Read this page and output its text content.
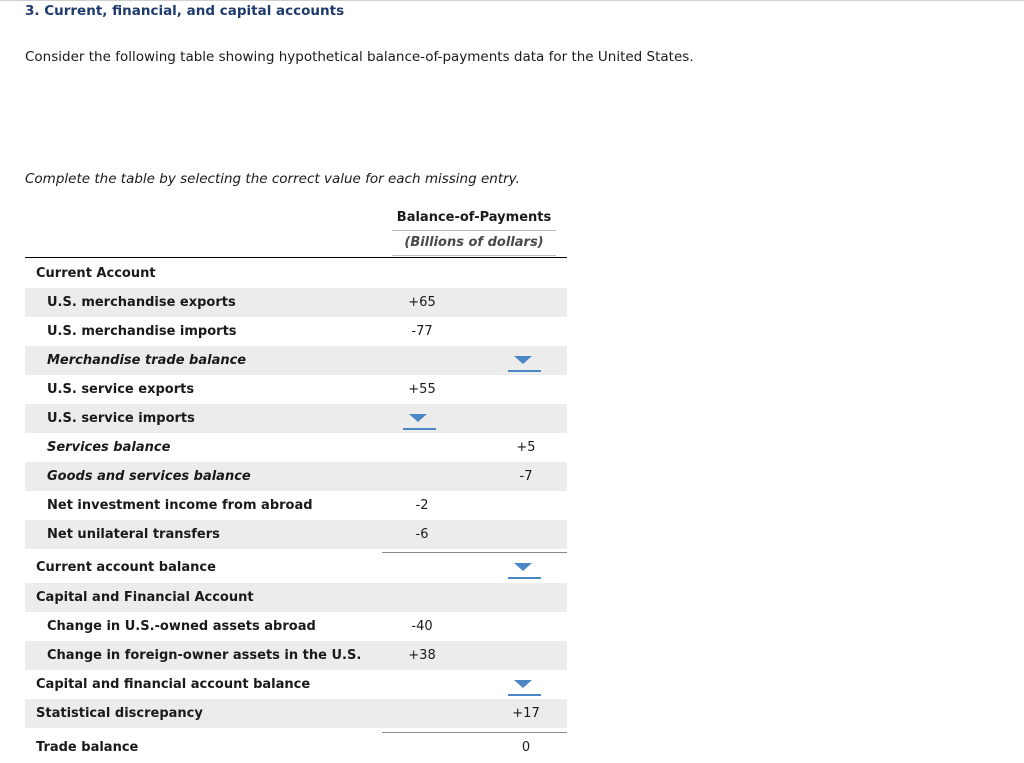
3. Current, financial, and capital accounts
Consider the following table showing hypothetical balance-of-payments data for the United States.
Complete the table by selecting the correct value for each missing entry.
Balance-of-Payments
(Billions of dollars)
Current Account
U.S. merchandise exports	+65
U.S. merchandise imports	-77
Merchandise trade balance
U.S. service exports	+55
U.S. service imports
Services balance	+5
Goods and services balance	-7
Net investment income from abroad	-2
Net unilateral transfers	-6
Current account balance
Capital and Financial Account
Change in U.S.-owned assets abroad	-40
Change in foreign-owner assets in the U.S.	+38
Capital and financial account balance
Statistical discrepancy	+17
Trade balance	0
